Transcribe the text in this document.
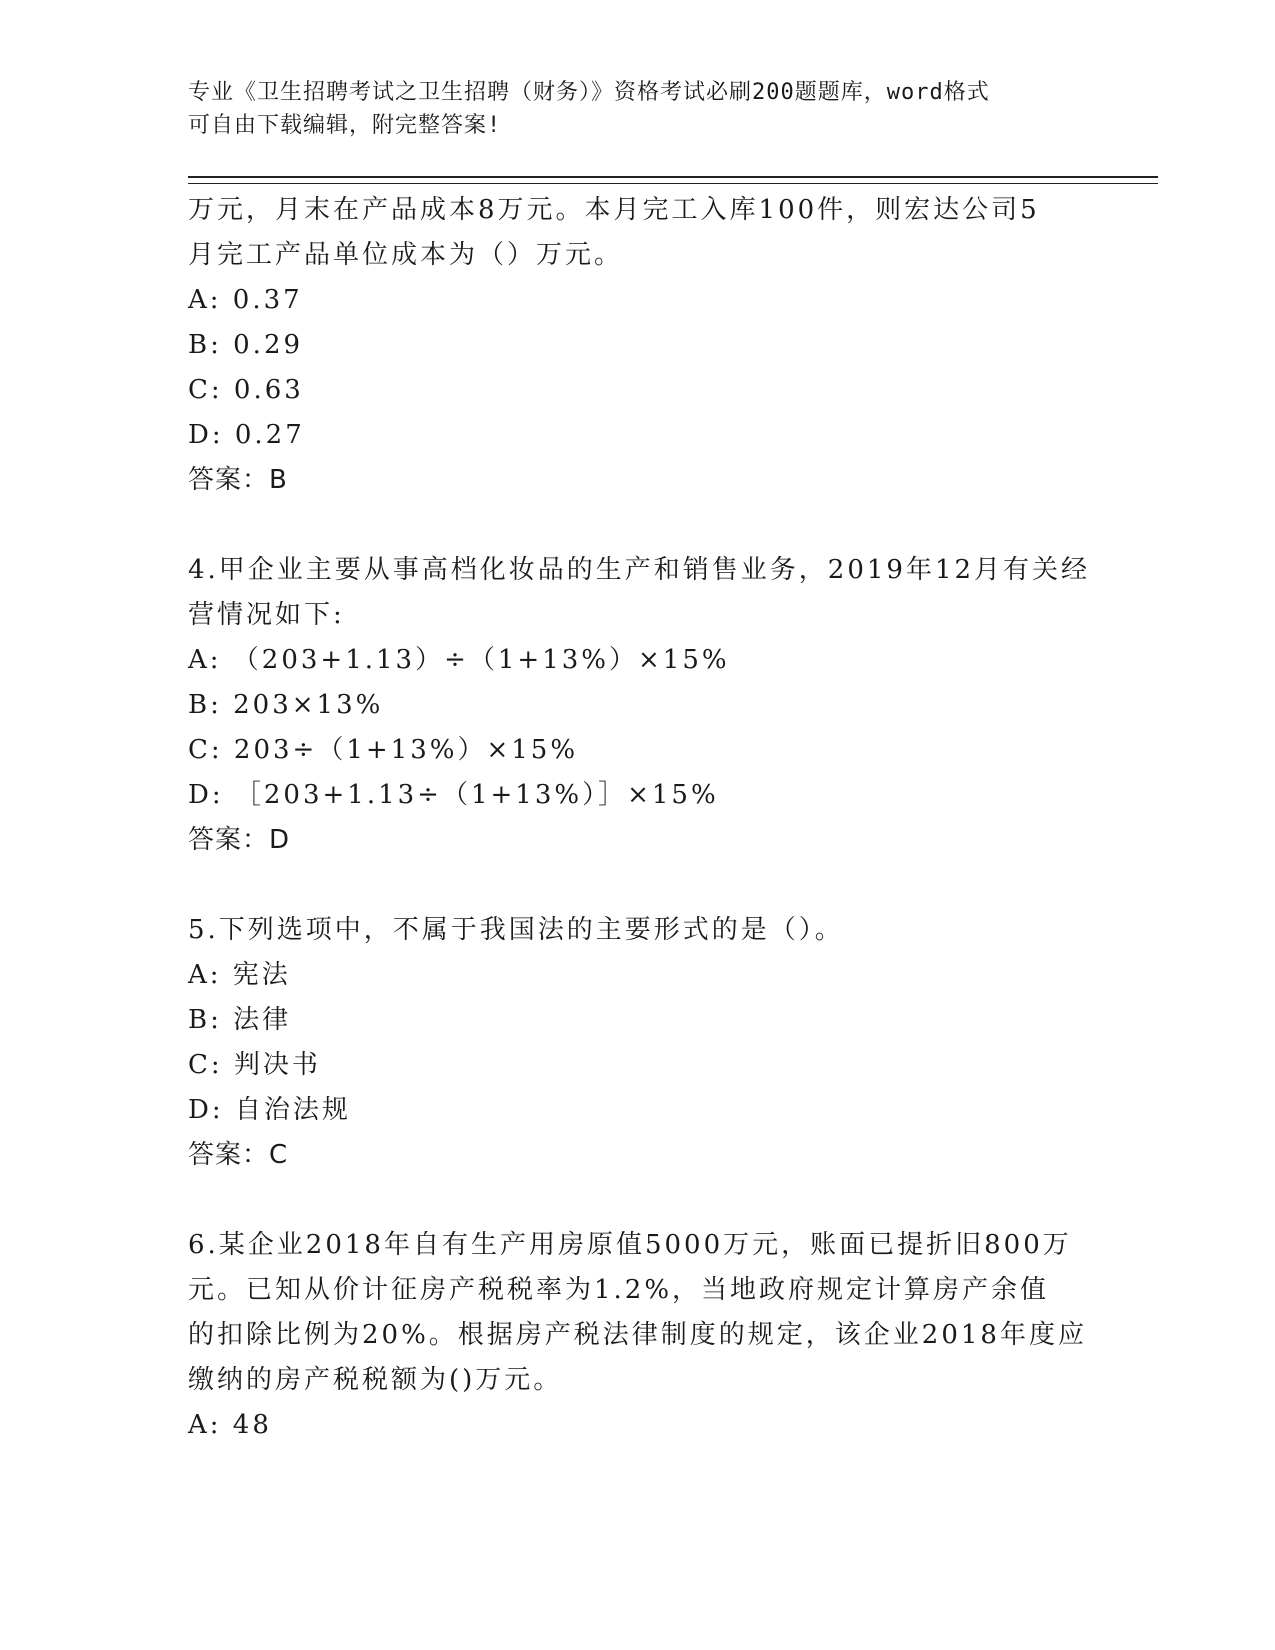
专业《卫生招聘考试之卫生招聘（财务）》资格考试必刷200题题库，word格式
可自由下载编辑，附完整答案!
万元，月末在产品成本8万元。本月完工入库100件，则宏达公司5
月完工产品单位成本为（）万元。
A: 0.37
B: 0.29
C: 0.63
D: 0.27
答案：B
4.甲企业主要从事高档化妆品的生产和销售业务，2019年12月有关经
营情况如下:
A: （203+1.13）÷（1+13%）×15%
B: 203×13%
C: 203÷（1+13%）×15%
D: ［203+1.13÷（1+13%）］×15%
答案：D
5.下列选项中，不属于我国法的主要形式的是（）。
A: 宪法
B: 法律
C: 判决书
D: 自治法规
答案：C
6.某企业2018年自有生产用房原值5000万元，账面已提折旧800万
元。已知从价计征房产税税率为1.2%，当地政府规定计算房产余值
的扣除比例为20%。根据房产税法律制度的规定，该企业2018年度应
缴纳的房产税税额为()万元。
A: 48
